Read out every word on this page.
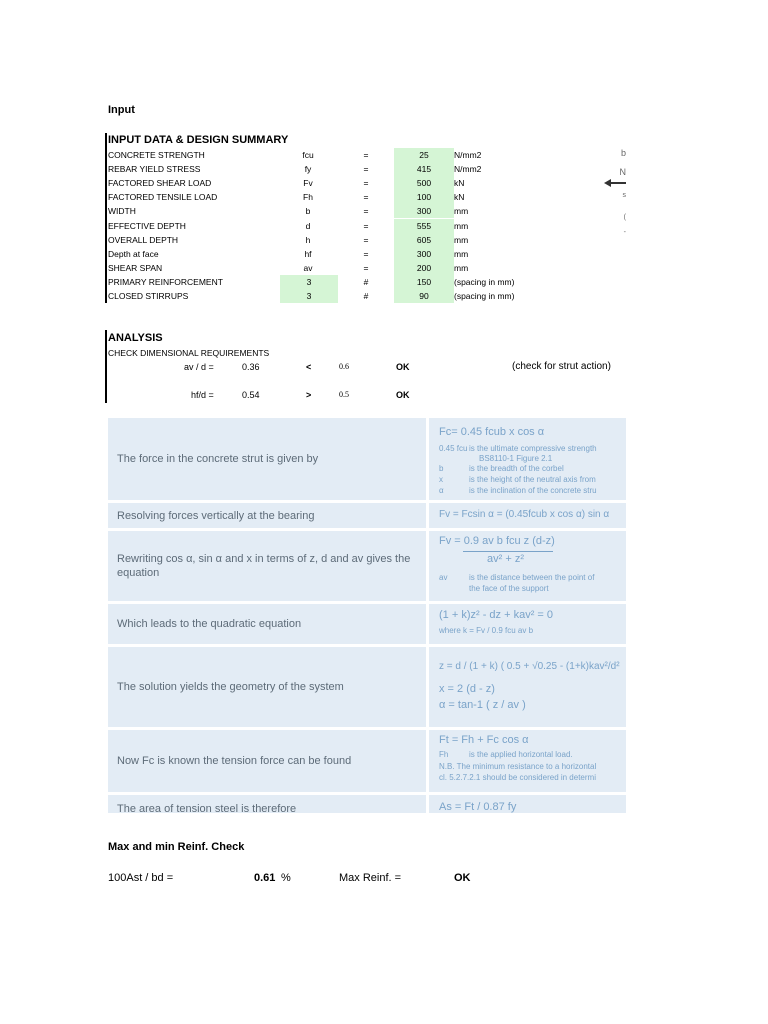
Input
INPUT DATA & DESIGN SUMMARY
CONCRETE STRENGTH	fcu	=	25	N/mm2
REBAR YIELD STRESS	fy	=	415	N/mm2
FACTORED SHEAR LOAD	Fv	=	500	kN
FACTORED TENSILE LOAD	Fh	=	100	kN
WIDTH	b	=	300	mm
EFFECTIVE DEPTH	d	=	555	mm
OVERALL DEPTH	h	=	605	mm
Depth at face	hf	=	300	mm
SHEAR SPAN	av	=	200	mm
PRIMARY REINFORCEMENT	3	#	150	(spacing in mm)
CLOSED STIRRUPS	3	#	90	(spacing in mm)
b
N
s
(
-
ANALYSIS
CHECK DIMENSIONAL REQUIREMENTS
av / d =	0.36	<	0.6	OK	(check for strut action)
hf/d =	0.54	>	0.5	OK
The force in the concrete strut is given by
Fc= 0.45 fcub x cos α
0.45 fcu is the ultimate compressive strength
BS8110-1 Figure 2.1
b	is the breadth of the corbel
x	is the height of the neutral axis from
α	is the inclination of the concrete stru
Resolving forces vertically at the bearing	Fv = Fcsin α = (0.45fcub x cos α) sin α
Rewriting cos α, sin α and x in terms of z, d and av gives the equation
Fv = 0.9 av b fcu z (d-z)
av² + z²
av	is the distance between the point of
the face of the support
Which leads to the quadratic equation
(1 + k)z² - dz + kav² = 0
where k = Fv / 0.9 fcu av b
The solution yields the geometry of the system
z = d / (1 + k) ( 0.5 + √0.25 - (1+k)kav²/d²
x = 2 (d - z)
α = tan-1 ( z / av )
Now Fc is known the tension force can be found
Ft = Fh + Fc cos α
Fh	is the applied horizontal load.
N.B. The minimum resistance to a horizontal
cl. 5.2.7.2.1 should be considered in determi
The area of tension steel is therefore	As = Ft / 0.87 fy
Max and min Reinf. Check
100Ast / bd =	0.61 %	Max Reinf. =	OK
